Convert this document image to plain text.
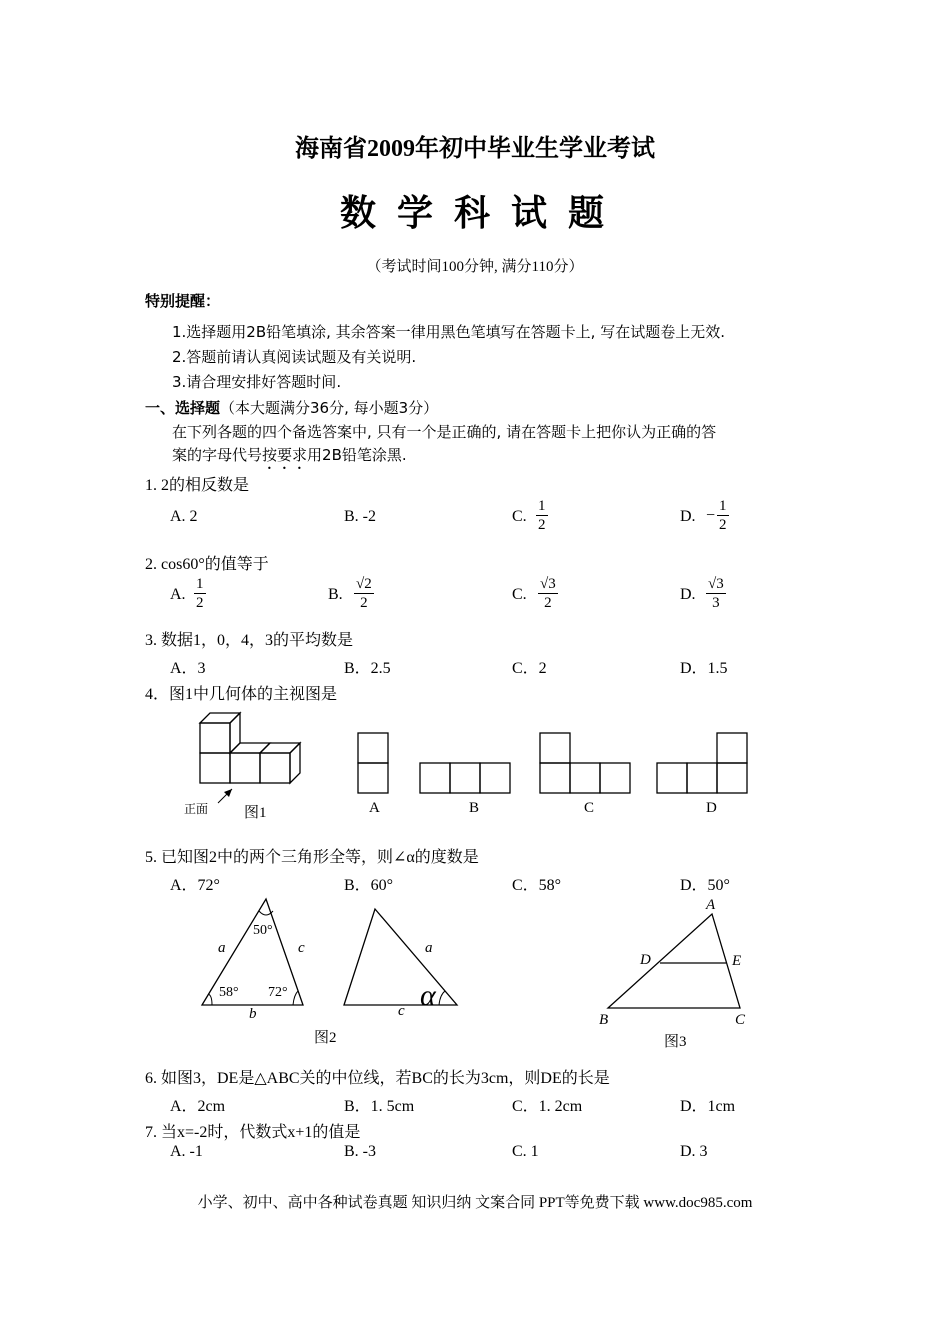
海南省2009年初中毕业生学业考试
数 学 科 试 题
（考试时间100分钟, 满分110分）
特别提醒：
1.选择题用2B铅笔填涂, 其余答案一律用黑色笔填写在答题卡上, 写在试题卷上无效.
2.答题前请认真阅读试题及有关说明.
3.请合理安排好答题时间.
一、选择题（本大题满分36分, 每小题3分）
在下列各题的四个备选答案中, 只有一个是正确的, 请在答题卡上把你认为正确的答
案的字母代号按要求用2B铅笔涂黑.
1. 2的相反数是
A. 2	B. -2	C. $\frac{1}{2}$	D. − $\frac{1}{2}$
2. cos60°的值等于
A. $\frac{1}{2}$	B. $\frac{√2}{2}$	C. $\frac{√3}{2}$	D. $\frac{√3}{3}$
3. 数据1，0，4，3的平均数是
A．3	B．2.5	C．2	D．1.5
4．图1中几何体的主视图是
正面 图1	A	B	C	D
5. 已知图2中的两个三角形全等，则∠α的度数是
A．72°	B．60°	C．58°	D．50°
a	c
b
50°
58° 72°
a
c α
图2
A
D	E
B	C
图3
6. 如图3，DE是△ABC关的中位线，若BC的长为3cm，则DE的长是
A．2cm	B．1. 5cm	C．1. 2cm	D．1cm
7. 当x=-2时，代数式x+1的值是
A. -1	B. -3	C. 1	D. 3
小学、初中、高中各种试卷真题 知识归纳 文案合同 PPT等免费下载 www.doc985.com
